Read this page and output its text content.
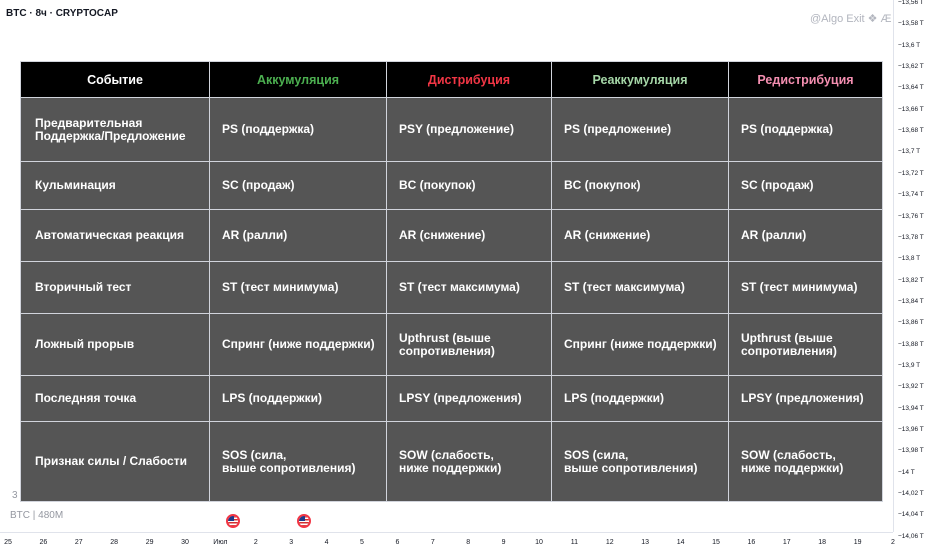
BTC · 8ч · CRYPTOCAP	@Algo Exit ❖ Æ
−13,56 T
−13,58 T
−13,6 T
−13,62 T
−13,64 T
−13,66 T
−13,68 T
−13,7 T
−13,72 T
−13,74 T
−13,76 T
−13,78 T
−13,8 T
−13,82 T
−13,84 T
−13,86 T
−13,88 T
−13,9 T
−13,92 T
−13,94 T
−13,96 T
−13,98 T
−14 T
−14,02 T
−14,04 T
−14,06 T
25	26	27	28	29	30	Июл	2	3	4	5	6	7	8	9	10	11	12	13	14	15	16	17	18	19	2
3
BTC | 480M
Событие	Аккумуляция	Дистрибуция	Реаккумуляция	Редистрибуция
Предварительная Поддержка/Предложение	PS (поддержка)	PSY (предложение)	PS (предложение)	PS (поддержка)
Кульминация	SC (продаж)	BC (покупок)	BC (покупок)	SC (продаж)
Автоматическая реакция	AR (ралли)	AR (снижение)	AR (снижение)	AR (ралли)
Вторичный тест	ST (тест минимума)	ST (тест максимума)	ST (тест максимума)	ST (тест минимума)
Ложный прорыв	Спринг (ниже поддержки)	Upthrust (выше сопротивления)	Спринг (ниже поддержки)	Upthrust (выше сопротивления)
Последняя точка	LPS (поддержки)	LPSY (предложения)	LPS (поддержки)	LPSY (предложения)
Признак силы / Слабости	SOS (сила,
выше сопротивления)	SOW (слабость,
ниже поддержки)	SOS (сила,
выше сопротивления)	SOW (слабость,
ниже поддержки)
